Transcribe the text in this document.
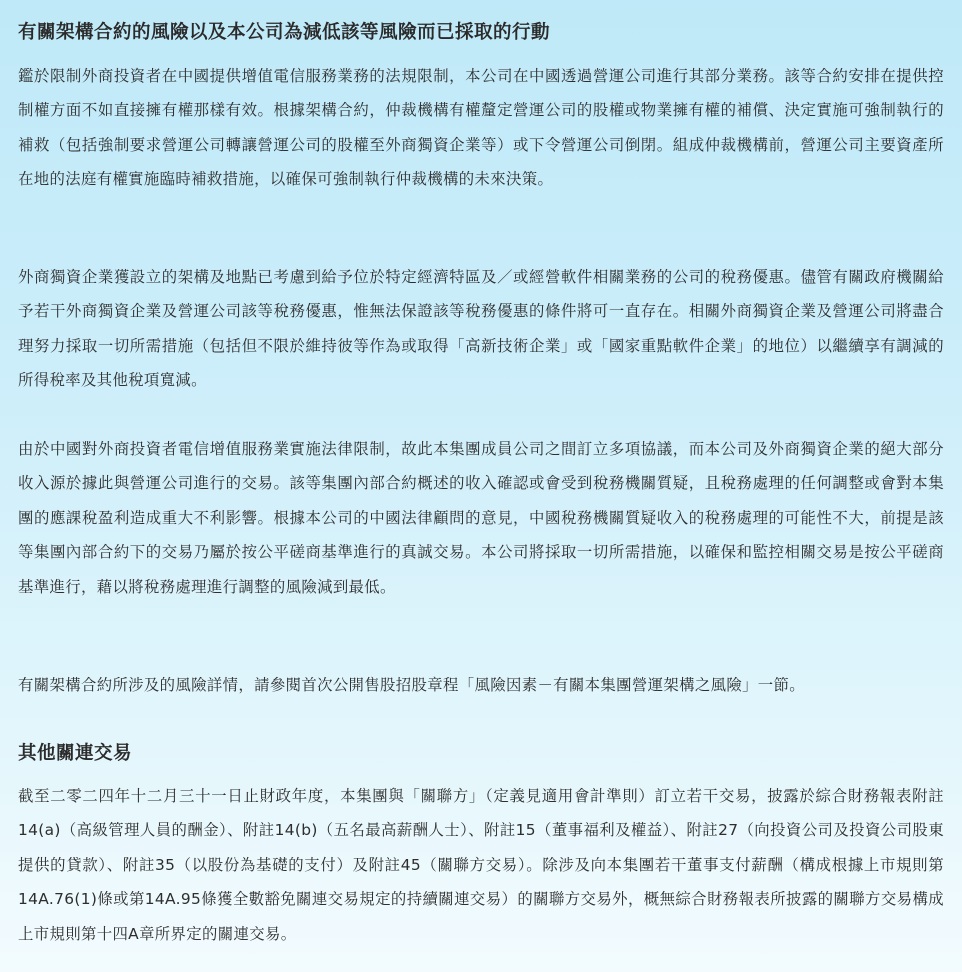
有關架構合約的風險以及本公司為減低該等風險而已採取的行動

鑑於限制外商投資者在中國提供增值電信服務業務的法規限制，本公司在中國透過營運公司進行其部分業務。該等合約安排在提供控制權方面不如直接擁有權那樣有效。根據架構合約，仲裁機構有權釐定營運公司的股權或物業擁有權的補償、決定實施可強制執行的補救（包括強制要求營運公司轉讓營運公司的股權至外商獨資企業等）或下令營運公司倒閉。組成仲裁機構前，營運公司主要資產所在地的法庭有權實施臨時補救措施，以確保可強制執行仲裁機構的未來決策。

外商獨資企業獲設立的架構及地點已考慮到給予位於特定經濟特區及／或經營軟件相關業務的公司的稅務優惠。儘管有關政府機關給予若干外商獨資企業及營運公司該等稅務優惠，惟無法保證該等稅務優惠的條件將可一直存在。相關外商獨資企業及營運公司將盡合理努力採取一切所需措施（包括但不限於維持彼等作為或取得「高新技術企業」或「國家重點軟件企業」的地位）以繼續享有調減的所得稅率及其他稅項寬減。

由於中國對外商投資者電信增值服務業實施法律限制，故此本集團成員公司之間訂立多項協議，而本公司及外商獨資企業的絕大部分收入源於據此與營運公司進行的交易。該等集團內部合約概述的收入確認或會受到稅務機關質疑，且稅務處理的任何調整或會對本集團的應課稅盈利造成重大不利影響。根據本公司的中國法律顧問的意見，中國稅務機關質疑收入的稅務處理的可能性不大，前提是該等集團內部合約下的交易乃屬於按公平磋商基準進行的真誠交易。本公司將採取一切所需措施，以確保和監控相關交易是按公平磋商基準進行，藉以將稅務處理進行調整的風險減到最低。

有關架構合約所涉及的風險詳情，請參閱首次公開售股招股章程「風險因素－有關本集團營運架構之風險」一節。

其他關連交易

截至二零二四年十二月三十一日止財政年度，本集團與「關聯方」（定義見適用會計準則）訂立若干交易，披露於綜合財務報表附註14(a)（高級管理人員的酬金）、附註14(b)（五名最高薪酬人士）、附註15（董事福利及權益）、附註27（向投資公司及投資公司股東提供的貸款）、附註35（以股份為基礎的支付）及附註45（關聯方交易）。除涉及向本集團若干董事支付薪酬（構成根據上市規則第14A.76(1)條或第14A.95條獲全數豁免關連交易規定的持續關連交易）的關聯方交易外，概無綜合財務報表所披露的關聯方交易構成上市規則第十四A章所界定的關連交易。
